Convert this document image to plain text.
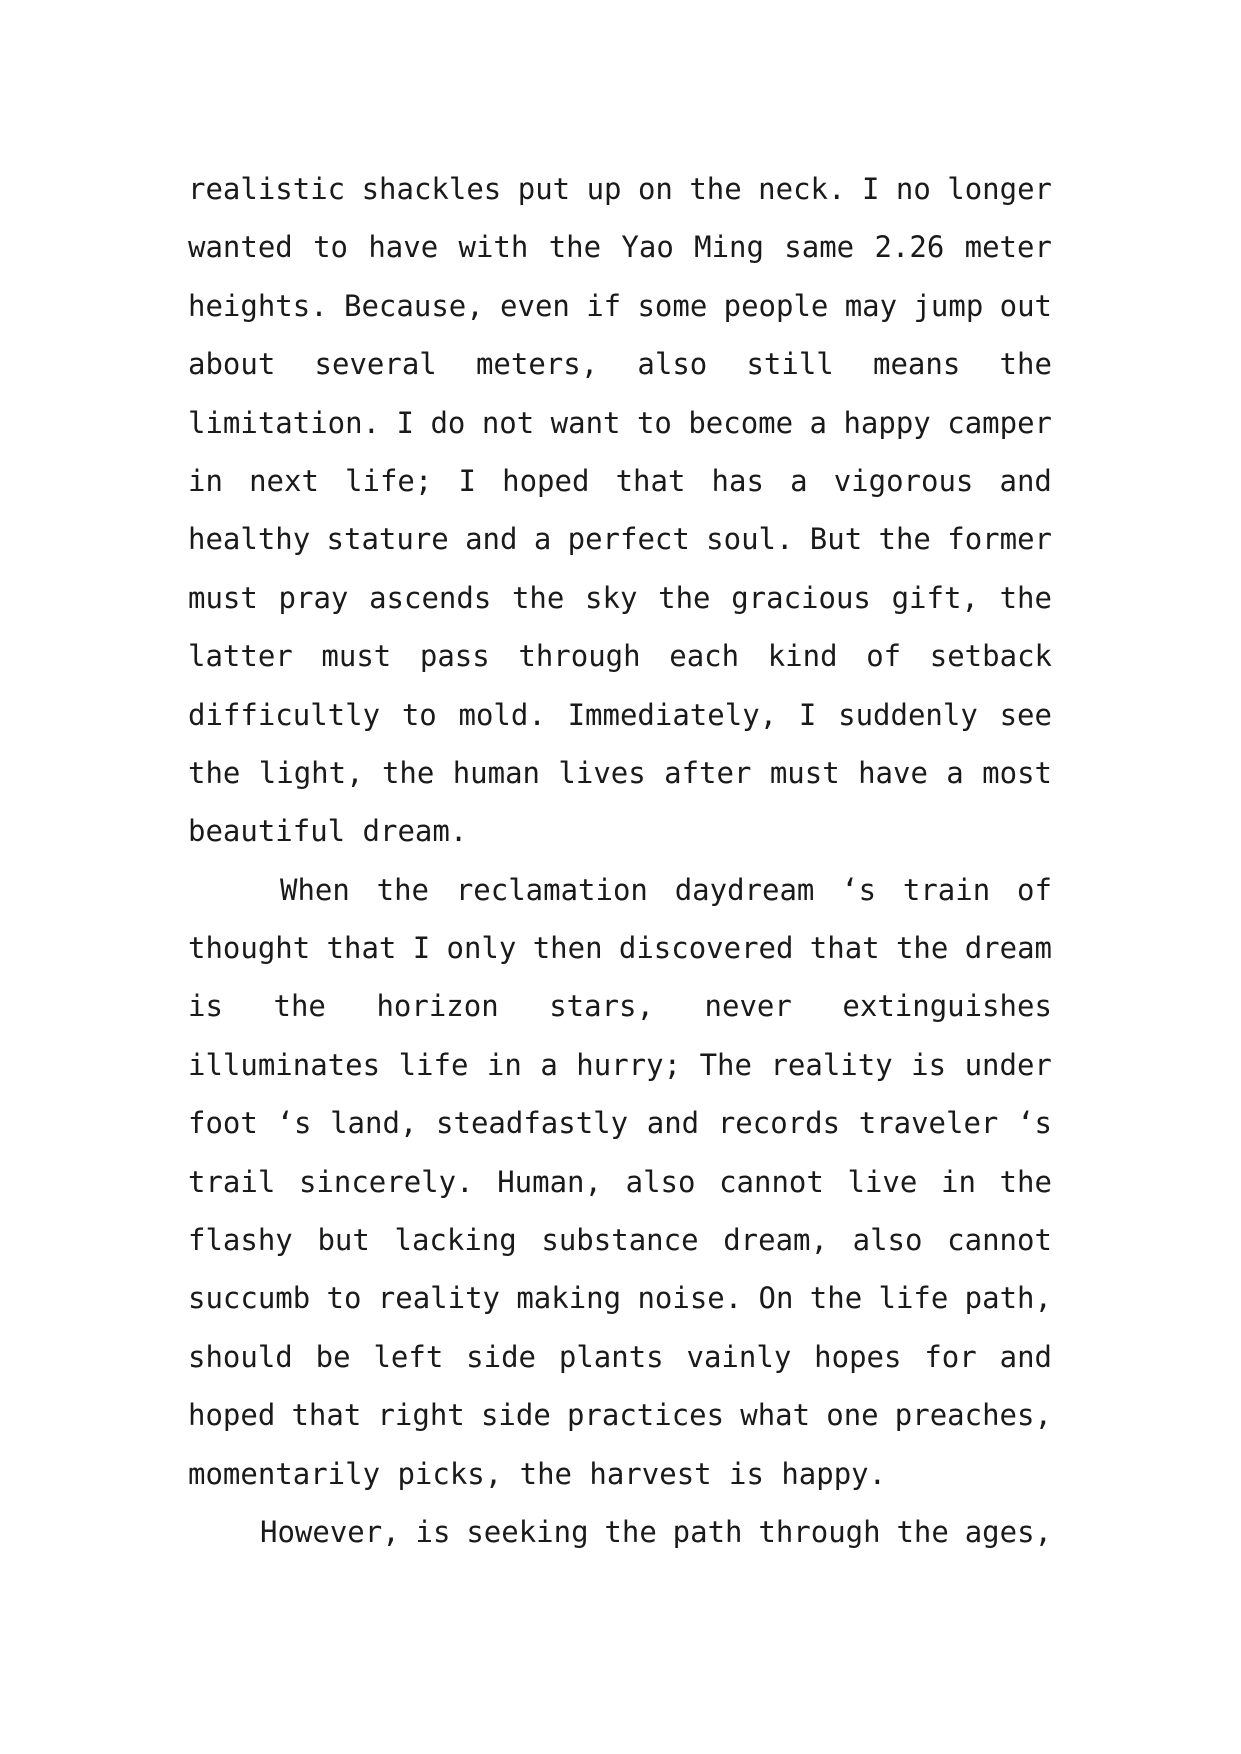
realistic shackles put up on the neck. I no longer
wanted to have with the Yao Ming same 2.26 meter
heights. Because, even if some people may jump out
about several meters, also still means the
limitation. I do not want to become a happy camper
in next life; I hoped that has a vigorous and
healthy stature and a perfect soul. But the former
must pray ascends the sky the gracious gift, the
latter must pass through each kind of setback
difficultly to mold. Immediately, I suddenly see
the light, the human lives after must have a most
beautiful dream.
When the reclamation daydream ‘s train of
thought that I only then discovered that the dream
is the horizon stars, never extinguishes
illuminates life in a hurry; The reality is under
foot ‘s land, steadfastly and records traveler ‘s
trail sincerely. Human, also cannot live in the
flashy but lacking substance dream, also cannot
succumb to reality making noise. On the life path,
should be left side plants vainly hopes for and
hoped that right side practices what one preaches,
momentarily picks, the harvest is happy.
However, is seeking the path through the ages,
